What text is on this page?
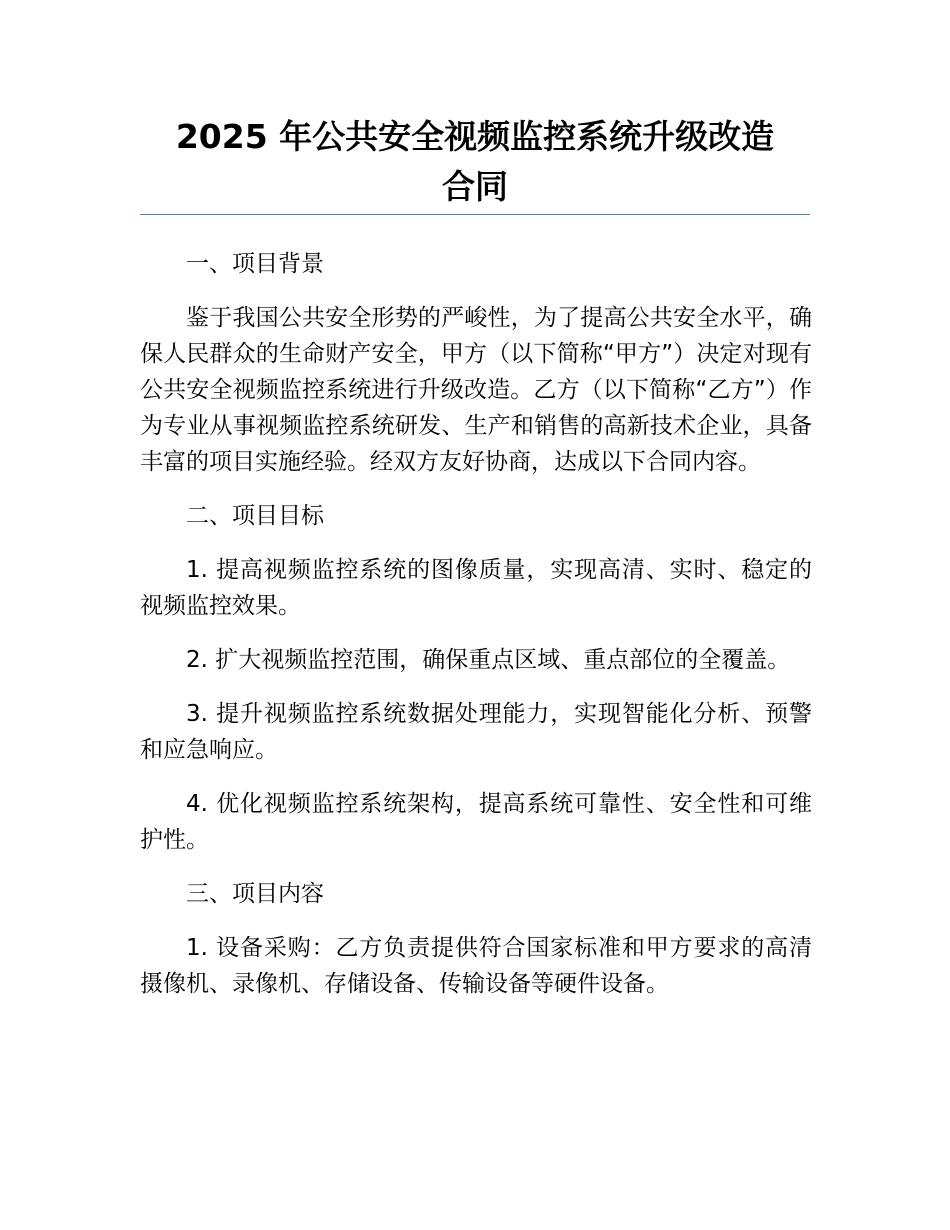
2025 年公共安全视频监控系统升级改造
合同

一、项目背景

鉴于我国公共安全形势的严峻性，为了提高公共安全水平，确保人民群众的生命财产安全，甲方（以下简称“甲方”）决定对现有公共安全视频监控系统进行升级改造。乙方（以下简称“乙方”）作为专业从事视频监控系统研发、生产和销售的高新技术企业，具备丰富的项目实施经验。经双方友好协商，达成以下合同内容。

二、项目目标

1. 提高视频监控系统的图像质量，实现高清、实时、稳定的视频监控效果。

2. 扩大视频监控范围，确保重点区域、重点部位的全覆盖。

3. 提升视频监控系统数据处理能力，实现智能化分析、预警和应急响应。

4. 优化视频监控系统架构，提高系统可靠性、安全性和可维护性。

三、项目内容

1. 设备采购：乙方负责提供符合国家标准和甲方要求的高清摄像机、录像机、存储设备、传输设备等硬件设备。
